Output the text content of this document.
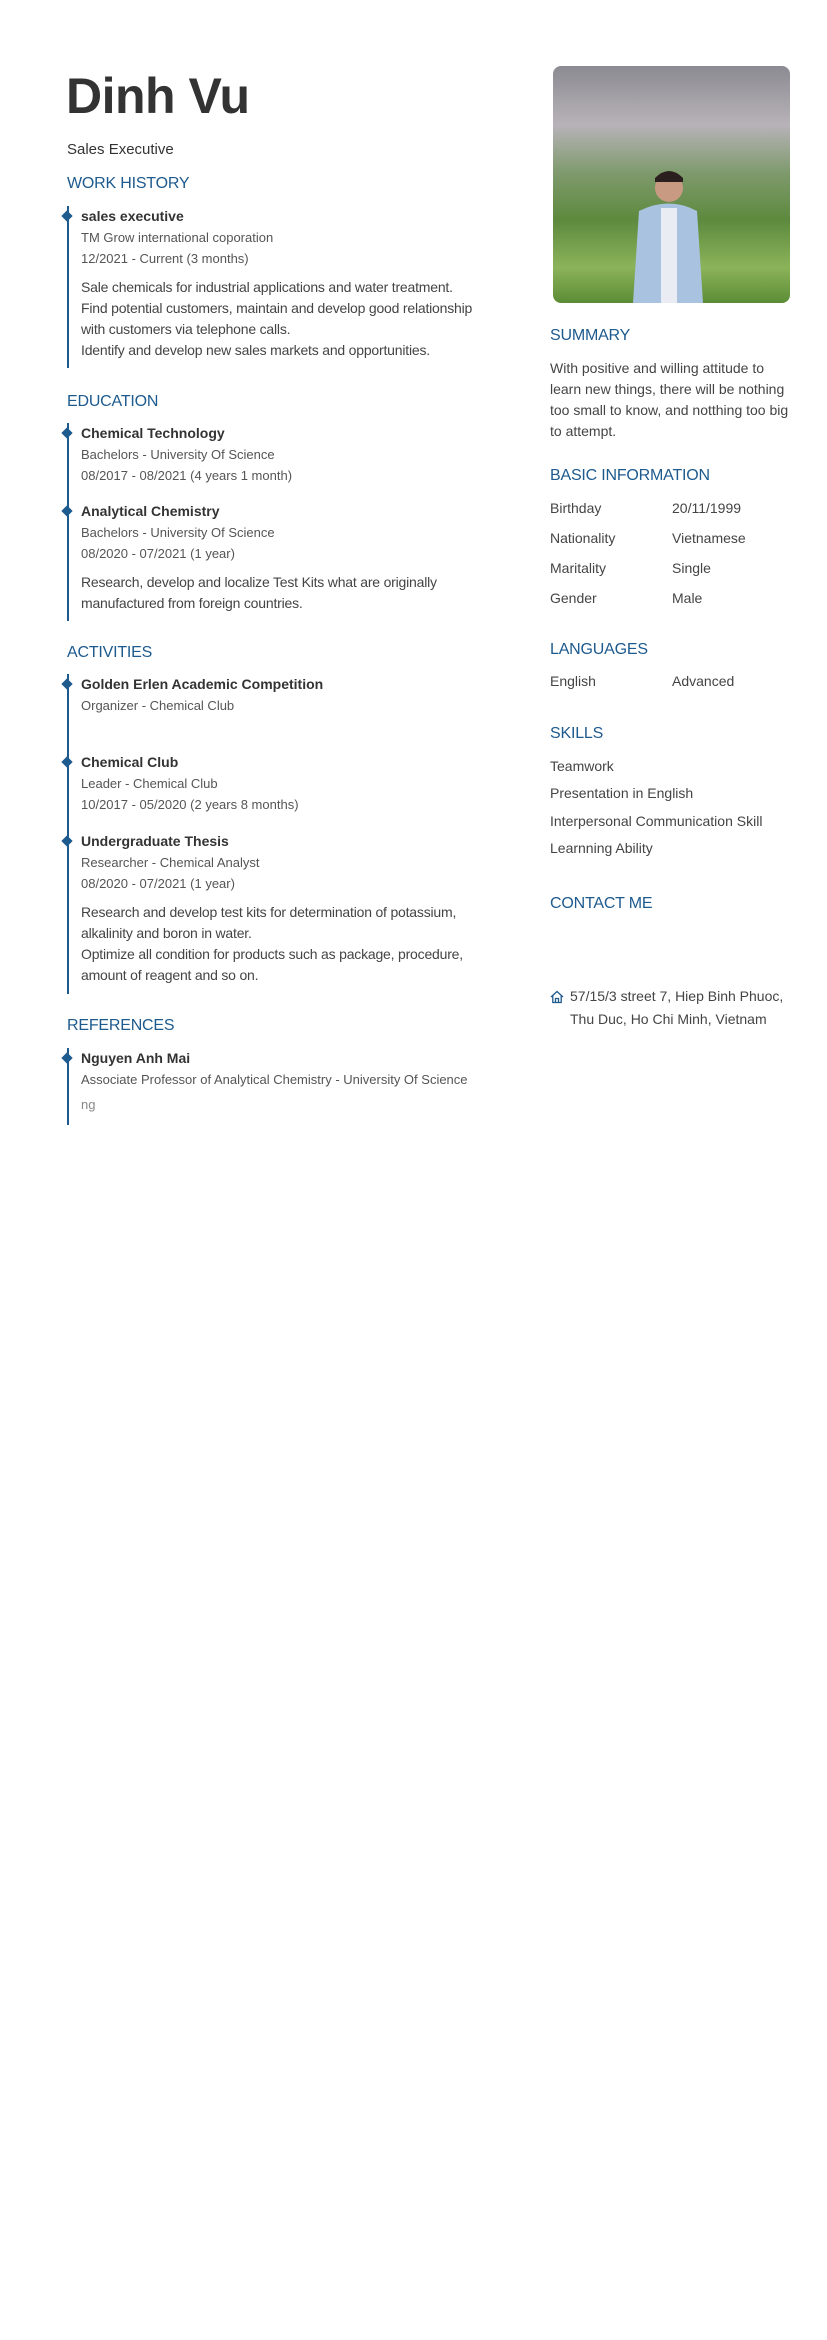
Dinh Vu
Sales Executive
WORK HISTORY
sales executive
TM Grow international coporation
12/2021 - Current (3 months)
Sale chemicals for industrial applications and water treatment.
Find potential customers, maintain and develop good relationship
with customers via telephone calls.
Identify and develop new sales markets and opportunities.
EDUCATION
Chemical Technology
Bachelors - University Of Science
08/2017 - 08/2021 (4 years 1 month)
Analytical Chemistry
Bachelors - University Of Science
08/2020 - 07/2021 (1 year)
Research, develop and localize Test Kits what are originally
manufactured from foreign countries.
ACTIVITIES
Golden Erlen Academic Competition
Organizer - Chemical Club
Chemical Club
Leader - Chemical Club
10/2017 - 05/2020 (2 years 8 months)
Undergraduate Thesis
Researcher - Chemical Analyst
08/2020 - 07/2021 (1 year)
Research and develop test kits for determination of potassium,
alkalinity and boron in water.
Optimize all condition for products such as package, procedure,
amount of reagent and so on.
REFERENCES
Nguyen Anh Mai
Associate Professor of Analytical Chemistry - University Of Science
ng
SUMMARY
With positive and willing attitude to
learn new things, there will be nothing
too small to know, and notthing too big
to attempt.
BASIC INFORMATION
Birthday	20/11/1999
Nationality	Vietnamese
Maritality	Single
Gender	Male
LANGUAGES
English	Advanced
SKILLS
Teamwork
Presentation in English
Interpersonal Communication Skill
Learnning Ability
CONTACT ME
57/15/3 street 7, Hiep Binh Phuoc,
Thu Duc, Ho Chi Minh, Vietnam
